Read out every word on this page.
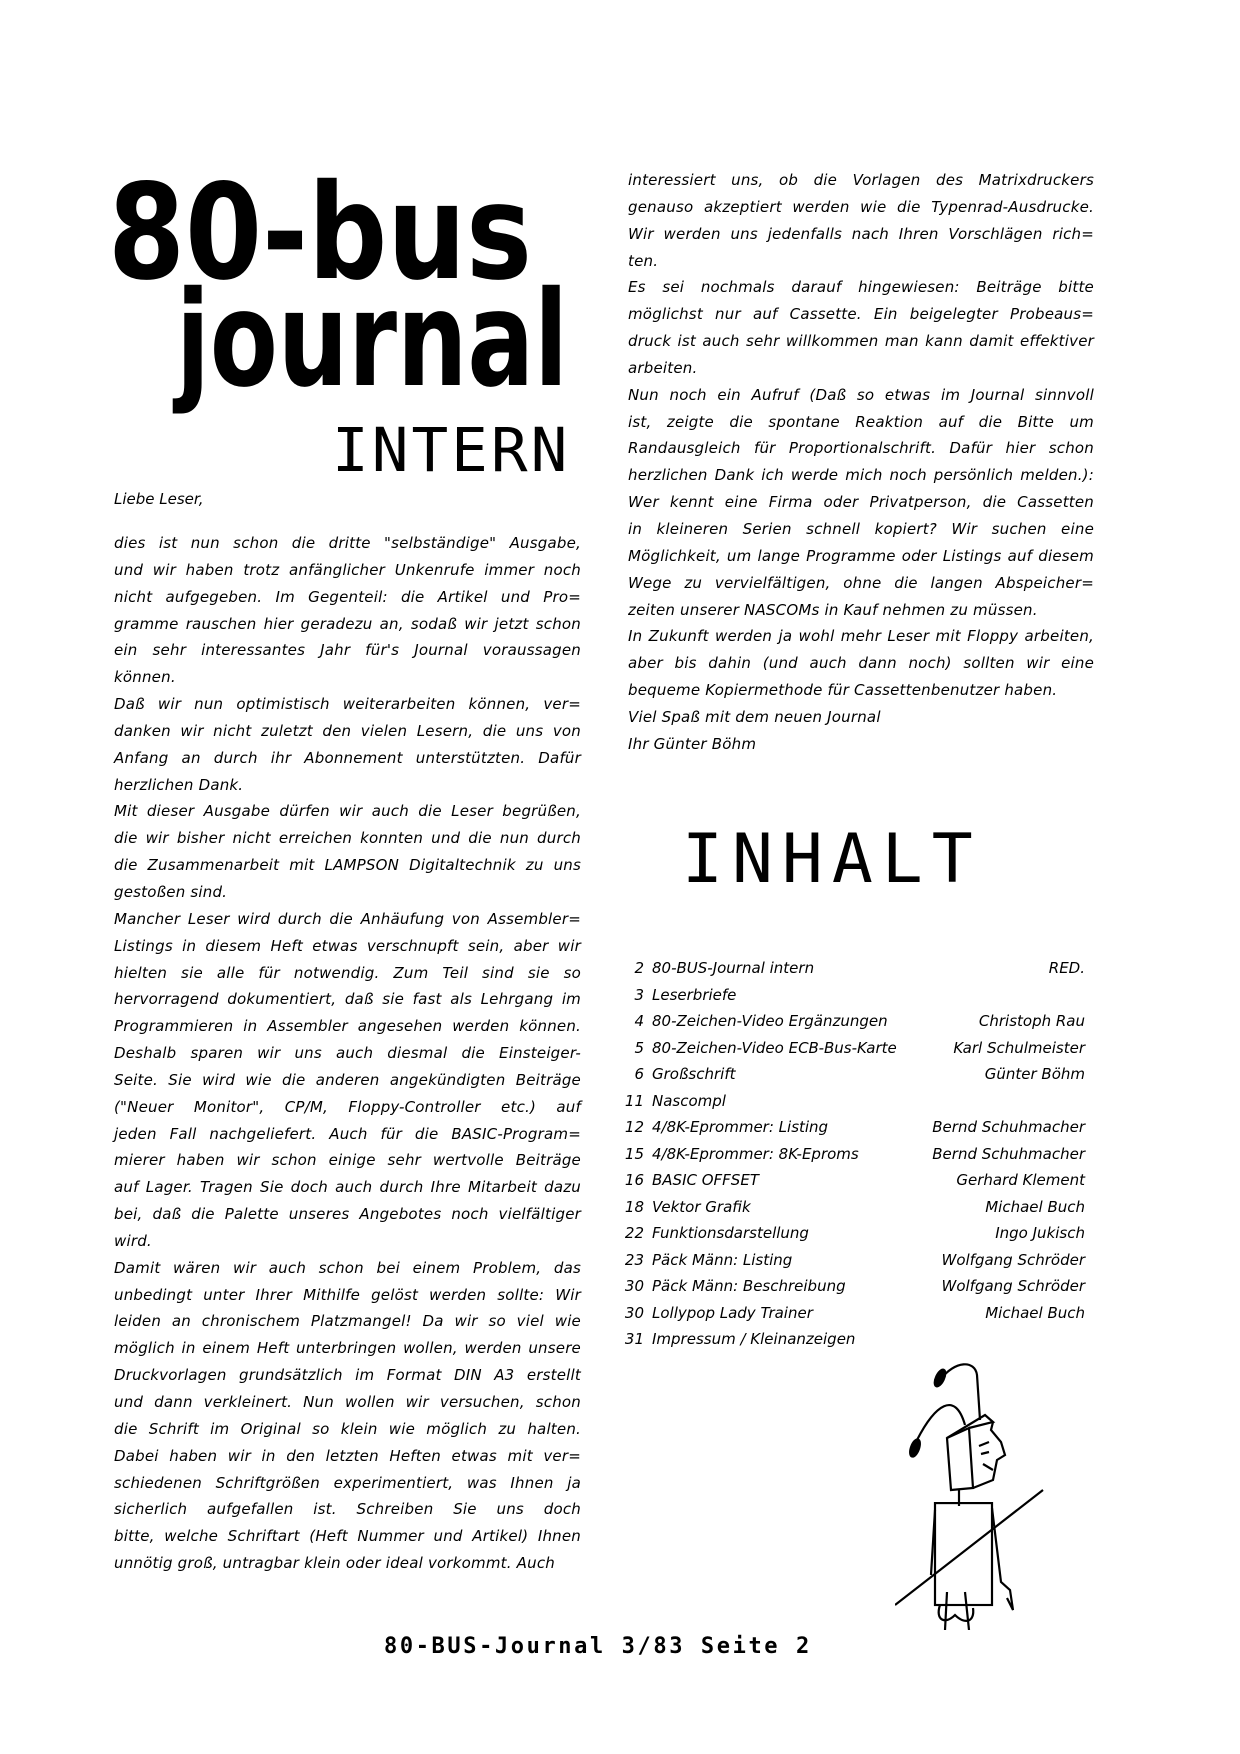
80-bus
journal
INTERN
Liebe Leser,
dies ist nun schon die dritte "selbständige" Ausgabe,
und wir haben trotz anfänglicher Unkenrufe immer noch
nicht aufgegeben. Im Gegenteil: die Artikel und Pro=
gramme rauschen hier geradezu an, sodaß wir jetzt schon
ein sehr interessantes Jahr für's Journal voraussagen
können.
Daß wir nun optimistisch weiterarbeiten können, ver=
danken wir nicht zuletzt den vielen Lesern, die uns von
Anfang an durch ihr Abonnement unterstützten. Dafür
herzlichen Dank.
Mit dieser Ausgabe dürfen wir auch die Leser begrüßen,
die wir bisher nicht erreichen konnten und die nun durch
die Zusammenarbeit mit LAMPSON Digitaltechnik zu uns
gestoßen sind.
Mancher Leser wird durch die Anhäufung von Assembler=
Listings in diesem Heft etwas verschnupft sein, aber wir
hielten sie alle für notwendig. Zum Teil sind sie so
hervorragend dokumentiert, daß sie fast als Lehrgang im
Programmieren in Assembler angesehen werden können.
Deshalb sparen wir uns auch diesmal die Einsteiger-
Seite. Sie wird wie die anderen angekündigten Beiträge
("Neuer Monitor", CP/M, Floppy-Controller etc.) auf
jeden Fall nachgeliefert. Auch für die BASIC-Program=
mierer haben wir schon einige sehr wertvolle Beiträge
auf Lager. Tragen Sie doch auch durch Ihre Mitarbeit dazu
bei, daß die Palette unseres Angebotes noch vielfältiger
wird.
Damit wären wir auch schon bei einem Problem, das
unbedingt unter Ihrer Mithilfe gelöst werden sollte: Wir
leiden an chronischem Platzmangel! Da wir so viel wie
möglich in einem Heft unterbringen wollen, werden unsere
Druckvorlagen grundsätzlich im Format DIN A3 erstellt
und dann verkleinert. Nun wollen wir versuchen, schon
die Schrift im Original so klein wie möglich zu halten.
Dabei haben wir in den letzten Heften etwas mit ver=
schiedenen Schriftgrößen experimentiert, was Ihnen ja
sicherlich aufgefallen ist. Schreiben Sie uns doch
bitte, welche Schriftart (Heft Nummer und Artikel) Ihnen
unnötig groß, untragbar klein oder ideal vorkommt. Auch
interessiert uns, ob die Vorlagen des Matrixdruckers
genauso akzeptiert werden wie die Typenrad-Ausdrucke.
Wir werden uns jedenfalls nach Ihren Vorschlägen rich=
ten.
Es sei nochmals darauf hingewiesen: Beiträge bitte
möglichst nur auf Cassette. Ein beigelegter Probeaus=
druck ist auch sehr willkommen man kann damit effektiver
arbeiten.
Nun noch ein Aufruf (Daß so etwas im Journal sinnvoll
ist, zeigte die spontane Reaktion auf die Bitte um
Randausgleich für Proportionalschrift. Dafür hier schon
herzlichen Dank ich werde mich noch persönlich melden.):
Wer kennt eine Firma oder Privatperson, die Cassetten
in kleineren Serien schnell kopiert? Wir suchen eine
Möglichkeit, um lange Programme oder Listings auf diesem
Wege zu vervielfältigen, ohne die langen Abspeicher=
zeiten unserer NASCOMs in Kauf nehmen zu müssen.
In Zukunft werden ja wohl mehr Leser mit Floppy arbeiten,
aber bis dahin (und auch dann noch) sollten wir eine
bequeme Kopiermethode für Cassettenbenutzer haben.
Viel Spaß mit dem neuen Journal
Ihr Günter Böhm
INHALT
2 80-BUS-Journal intern	RED.
3 Leserbriefe
4 80-Zeichen-Video Ergänzungen	Christoph Rau
5 80-Zeichen-Video ECB-Bus-Karte	Karl Schulmeister
6 Großschrift	Günter Böhm
11 Nascompl
12 4/8K-Eprommer: Listing	Bernd Schuhmacher
15 4/8K-Eprommer: 8K-Eproms	Bernd Schuhmacher
16 BASIC OFFSET	Gerhard Klement
18 Vektor Grafik	Michael Buch
22 Funktionsdarstellung	Ingo Jukisch
23 Päck Männ: Listing	Wolfgang Schröder
30 Päck Männ: Beschreibung	Wolfgang Schröder
30 Lollypop Lady Trainer	Michael Buch
31 Impressum / Kleinanzeigen
80-BUS-Journal 3/83 Seite 2
